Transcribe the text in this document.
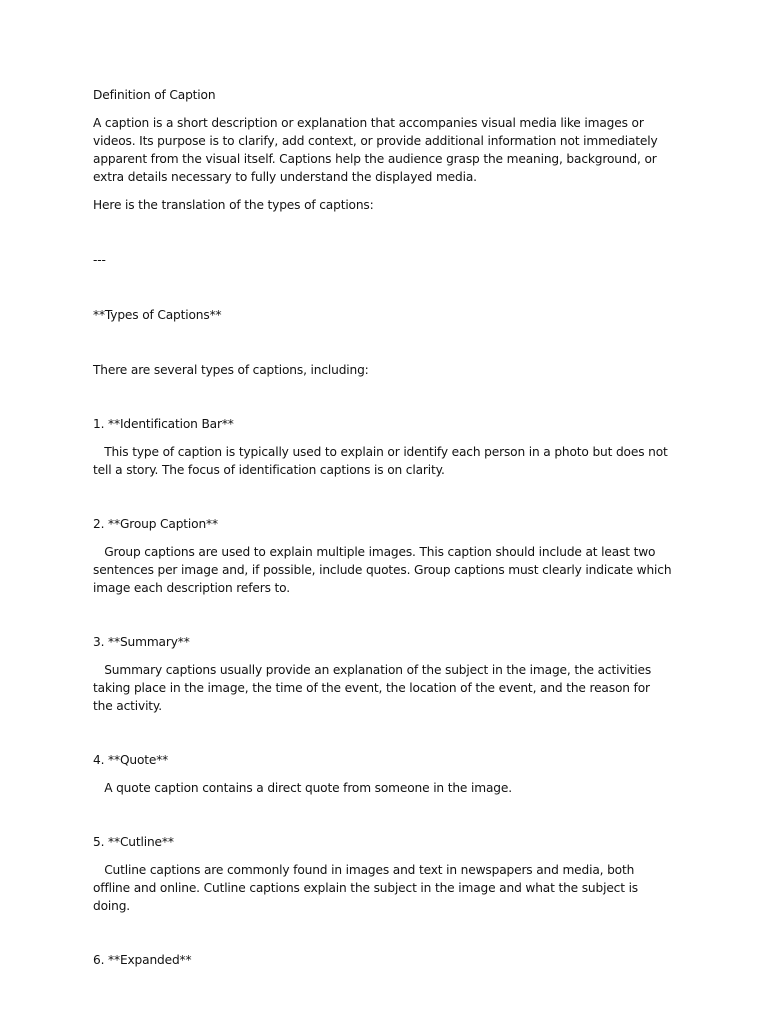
Definition of Caption

A caption is a short description or explanation that accompanies visual media like images or videos. Its purpose is to clarify, add context, or provide additional information not immediately apparent from the visual itself. Captions help the audience grasp the meaning, background, or extra details necessary to fully understand the displayed media.

Here is the translation of the types of captions:

---

**Types of Captions**

There are several types of captions, including:

1. **Identification Bar**

This type of caption is typically used to explain or identify each person in a photo but does not tell a story. The focus of identification captions is on clarity.

2. **Group Caption**

Group captions are used to explain multiple images. This caption should include at least two sentences per image and, if possible, include quotes. Group captions must clearly indicate which image each description refers to.

3. **Summary**

Summary captions usually provide an explanation of the subject in the image, the activities taking place in the image, the time of the event, the location of the event, and the reason for the activity.

4. **Quote**

A quote caption contains a direct quote from someone in the image.

5. **Cutline**

Cutline captions are commonly found in images and text in newspapers and media, both offline and online. Cutline captions explain the subject in the image and what the subject is doing.

6. **Expanded**
